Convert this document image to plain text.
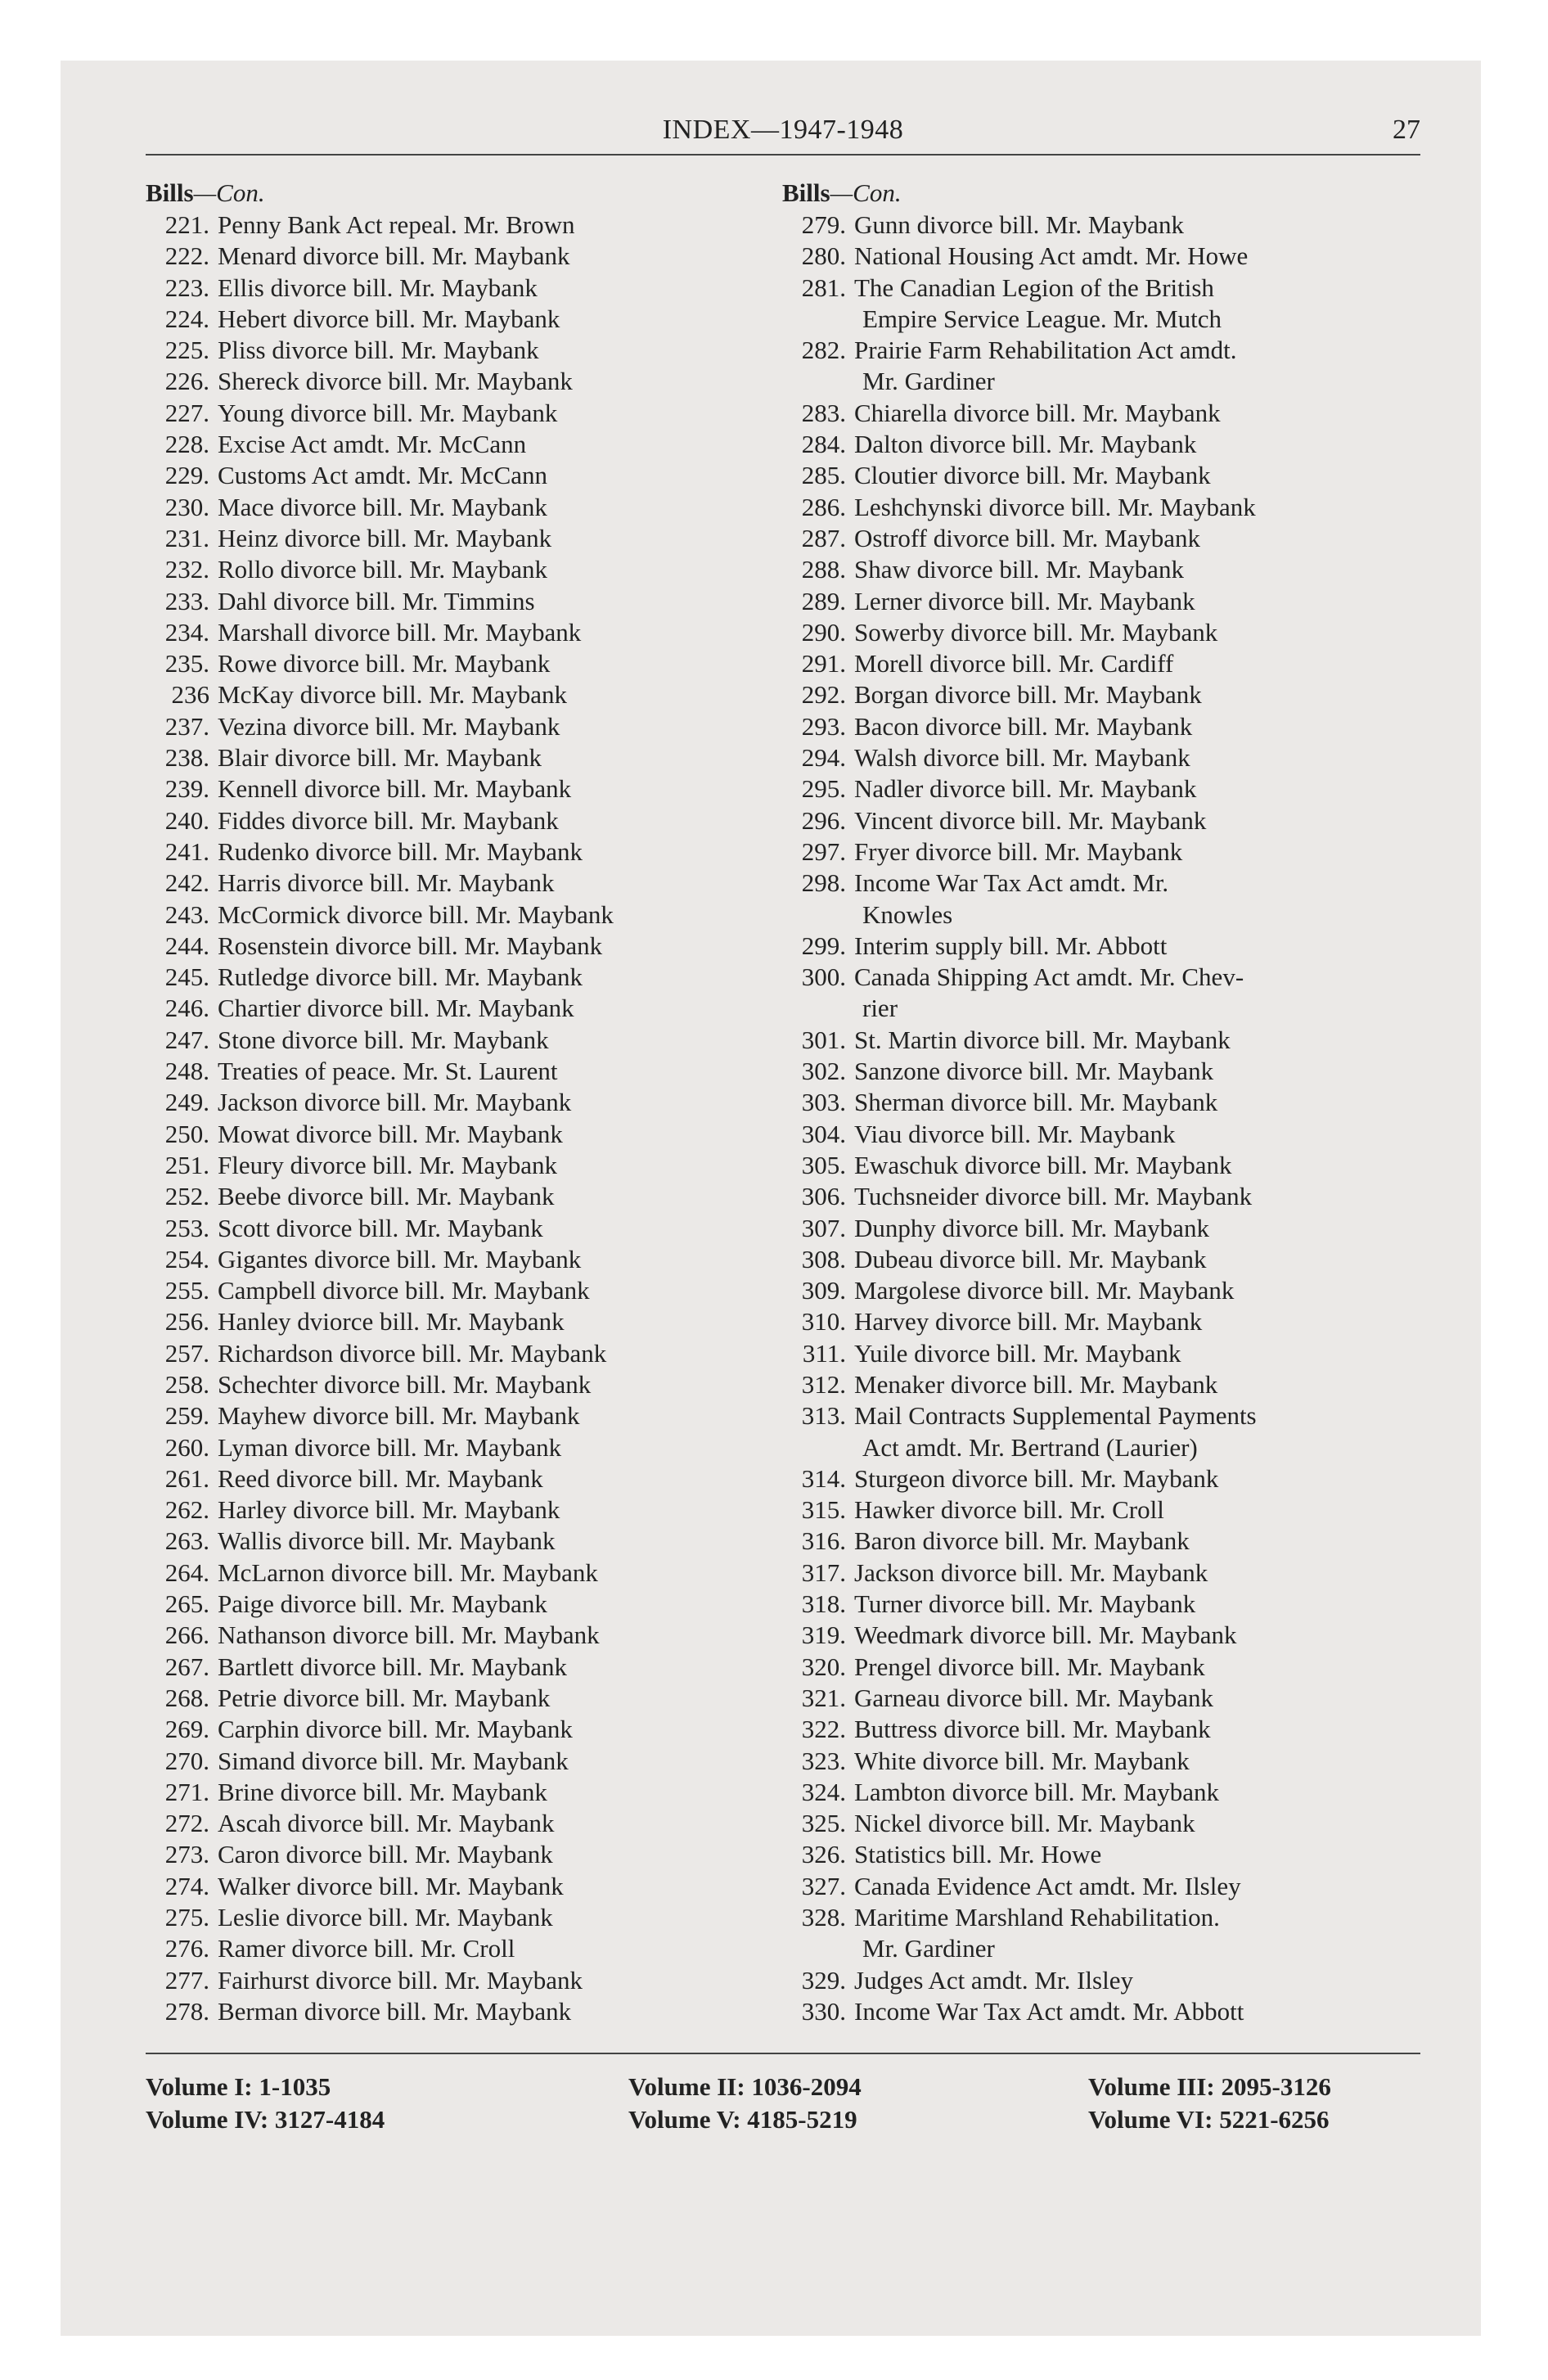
INDEX—1947-1948	27
Bills—Con.
221. Penny Bank Act repeal. Mr. Brown
222. Menard divorce bill. Mr. Maybank
223. Ellis divorce bill. Mr. Maybank
224. Hebert divorce bill. Mr. Maybank
225. Pliss divorce bill. Mr. Maybank
226. Shereck divorce bill. Mr. Maybank
227. Young divorce bill. Mr. Maybank
228. Excise Act amdt. Mr. McCann
229. Customs Act amdt. Mr. McCann
230. Mace divorce bill. Mr. Maybank
231. Heinz divorce bill. Mr. Maybank
232. Rollo divorce bill. Mr. Maybank
233. Dahl divorce bill. Mr. Timmins
234. Marshall divorce bill. Mr. Maybank
235. Rowe divorce bill. Mr. Maybank
236 McKay divorce bill. Mr. Maybank
237. Vezina divorce bill. Mr. Maybank
238. Blair divorce bill. Mr. Maybank
239. Kennell divorce bill. Mr. Maybank
240. Fiddes divorce bill. Mr. Maybank
241. Rudenko divorce bill. Mr. Maybank
242. Harris divorce bill. Mr. Maybank
243. McCormick divorce bill. Mr. Maybank
244. Rosenstein divorce bill. Mr. Maybank
245. Rutledge divorce bill. Mr. Maybank
246. Chartier divorce bill. Mr. Maybank
247. Stone divorce bill. Mr. Maybank
248. Treaties of peace. Mr. St. Laurent
249. Jackson divorce bill. Mr. Maybank
250. Mowat divorce bill. Mr. Maybank
251. Fleury divorce bill. Mr. Maybank
252. Beebe divorce bill. Mr. Maybank
253. Scott divorce bill. Mr. Maybank
254. Gigantes divorce bill. Mr. Maybank
255. Campbell divorce bill. Mr. Maybank
256. Hanley dviorce bill. Mr. Maybank
257. Richardson divorce bill. Mr. Maybank
258. Schechter divorce bill. Mr. Maybank
259. Mayhew divorce bill. Mr. Maybank
260. Lyman divorce bill. Mr. Maybank
261. Reed divorce bill. Mr. Maybank
262. Harley divorce bill. Mr. Maybank
263. Wallis divorce bill. Mr. Maybank
264. McLarnon divorce bill. Mr. Maybank
265. Paige divorce bill. Mr. Maybank
266. Nathanson divorce bill. Mr. Maybank
267. Bartlett divorce bill. Mr. Maybank
268. Petrie divorce bill. Mr. Maybank
269. Carphin divorce bill. Mr. Maybank
270. Simand divorce bill. Mr. Maybank
271. Brine divorce bill. Mr. Maybank
272. Ascah divorce bill. Mr. Maybank
273. Caron divorce bill. Mr. Maybank
274. Walker divorce bill. Mr. Maybank
275. Leslie divorce bill. Mr. Maybank
276. Ramer divorce bill. Mr. Croll
277. Fairhurst divorce bill. Mr. Maybank
278. Berman divorce bill. Mr. Maybank
Bills—Con.
279. Gunn divorce bill. Mr. Maybank
280. National Housing Act amdt. Mr. Howe
281. The Canadian Legion of the British
Empire Service League. Mr. Mutch
282. Prairie Farm Rehabilitation Act amdt.
Mr. Gardiner
283. Chiarella divorce bill. Mr. Maybank
284. Dalton divorce bill. Mr. Maybank
285. Cloutier divorce bill. Mr. Maybank
286. Leshchynski divorce bill. Mr. Maybank
287. Ostroff divorce bill. Mr. Maybank
288. Shaw divorce bill. Mr. Maybank
289. Lerner divorce bill. Mr. Maybank
290. Sowerby divorce bill. Mr. Maybank
291. Morell divorce bill. Mr. Cardiff
292. Borgan divorce bill. Mr. Maybank
293. Bacon divorce bill. Mr. Maybank
294. Walsh divorce bill. Mr. Maybank
295. Nadler divorce bill. Mr. Maybank
296. Vincent divorce bill. Mr. Maybank
297. Fryer divorce bill. Mr. Maybank
298. Income War Tax Act amdt. Mr.
Knowles
299. Interim supply bill. Mr. Abbott
300. Canada Shipping Act amdt. Mr. Chev-
rier
301. St. Martin divorce bill. Mr. Maybank
302. Sanzone divorce bill. Mr. Maybank
303. Sherman divorce bill. Mr. Maybank
304. Viau divorce bill. Mr. Maybank
305. Ewaschuk divorce bill. Mr. Maybank
306. Tuchsneider divorce bill. Mr. Maybank
307. Dunphy divorce bill. Mr. Maybank
308. Dubeau divorce bill. Mr. Maybank
309. Margolese divorce bill. Mr. Maybank
310. Harvey divorce bill. Mr. Maybank
311. Yuile divorce bill. Mr. Maybank
312. Menaker divorce bill. Mr. Maybank
313. Mail Contracts Supplemental Payments
Act amdt. Mr. Bertrand (Laurier)
314. Sturgeon divorce bill. Mr. Maybank
315. Hawker divorce bill. Mr. Croll
316. Baron divorce bill. Mr. Maybank
317. Jackson divorce bill. Mr. Maybank
318. Turner divorce bill. Mr. Maybank
319. Weedmark divorce bill. Mr. Maybank
320. Prengel divorce bill. Mr. Maybank
321. Garneau divorce bill. Mr. Maybank
322. Buttress divorce bill. Mr. Maybank
323. White divorce bill. Mr. Maybank
324. Lambton divorce bill. Mr. Maybank
325. Nickel divorce bill. Mr. Maybank
326. Statistics bill. Mr. Howe
327. Canada Evidence Act amdt. Mr. Ilsley
328. Maritime Marshland Rehabilitation.
Mr. Gardiner
329. Judges Act amdt. Mr. Ilsley
330. Income War Tax Act amdt. Mr. Abbott
Volume I: 1-1035
Volume IV: 3127-4184
Volume II: 1036-2094
Volume V: 4185-5219
Volume III: 2095-3126
Volume VI: 5221-6256
